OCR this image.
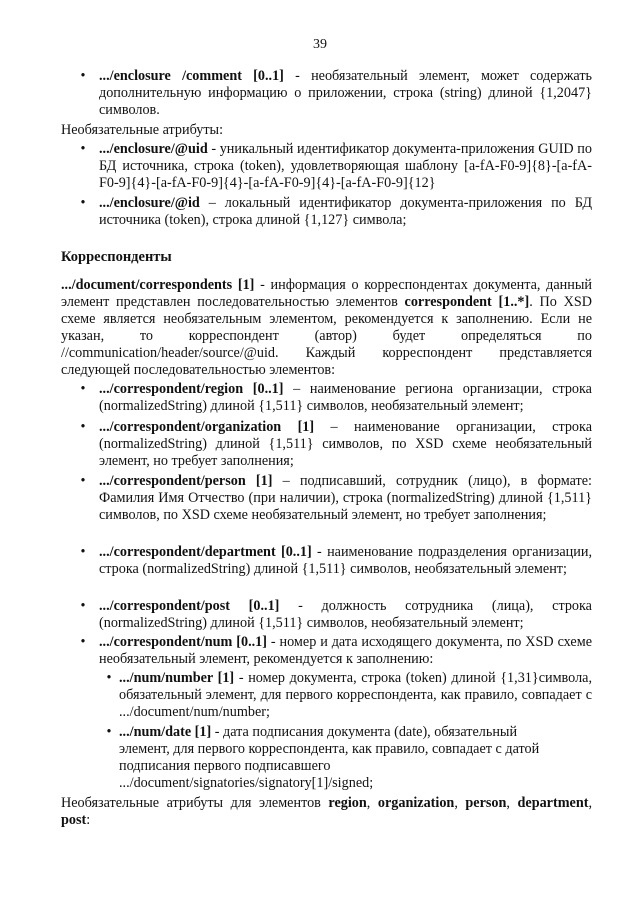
39
• .../enclosure /comment [0..1] - необязательный элемент, может содержать дополнительную информацию о приложении, строка (string) длиной {1,2047} символов.
Необязательные атрибуты:
• .../enclosure/@uid - уникальный идентификатор документа-приложения GUID по БД источника, строка (token), удовлетворяющая шаблону [a-fA-F0-9]{8}-[a-fA-F0-9]{4}-[a-fA-F0-9]{4}-[a-fA-F0-9]{4}-[a-fA-F0-9]{12}
• .../enclosure/@id – локальный идентификатор документа-приложения по БД источника (token), строка длиной {1,127} символа;
Корреспонденты
.../document/correspondents [1] - информация о корреспондентах документа, данный элемент представлен последовательностью элементов correspondent [1..*]. По XSD схеме является необязательным элементом, рекомендуется к заполнению. Если не указан, то корреспондент (автор) будет определяться по //communication/header/source/@uid. Каждый корреспондент представляется следующей последовательностью элементов:
• .../correspondent/region [0..1] – наименование региона организации, строка (normalizedString) длиной {1,511} символов, необязательный элемент;
• .../correspondent/organization [1] – наименование организации, строка (normalizedString) длиной {1,511} символов, по XSD схеме необязательный элемент, но требует заполнения;
• .../correspondent/person [1] – подписавший, сотрудник (лицо), в формате: Фамилия Имя Отчество (при наличии), строка (normalizedString) длиной {1,511} символов, по XSD схеме необязательный элемент, но требует заполнения;
• .../correspondent/department [0..1] - наименование подразделения организации, строка (normalizedString) длиной {1,511} символов, необязательный элемент;
• .../correspondent/post [0..1] - должность сотрудника (лица), строка (normalizedString) длиной {1,511} символов, необязательный элемент;
• .../correspondent/num [0..1] - номер и дата исходящего документа, по XSD схеме необязательный элемент, рекомендуется к заполнению:
• .../num/number [1] - номер документа, строка (token) длиной {1,31}символа, обязательный элемент, для первого корреспондента, как правило, совпадает с .../document/num/number;
• .../num/date [1] - дата подписания документа (date), обязательный элемент, для первого корреспондента, как правило, совпадает с датой подписания первого подписавшего .../document/signatories/signatory[1]/signed;
Необязательные атрибуты для элементов region, organization, person, department, post:
